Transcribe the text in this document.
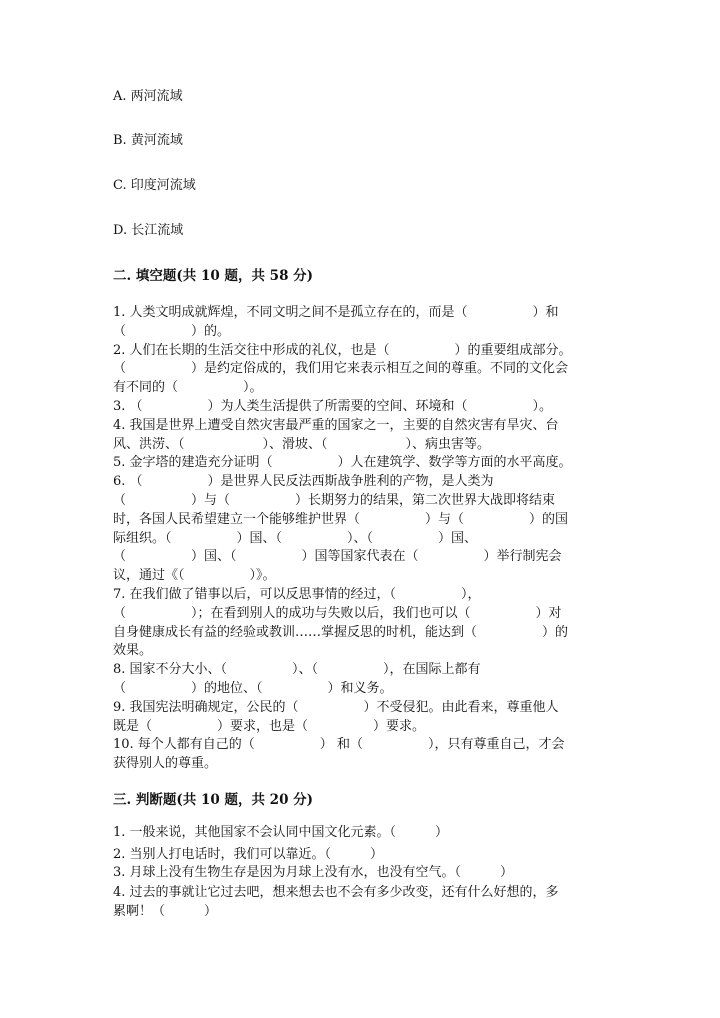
A. 两河流域
B. 黄河流域
C. 印度河流域
D. 长江流域
二. 填空题(共 10 题，共 58 分)
1. 人类文明成就辉煌，不同文明之间不是孤立存在的，而是（　　　　　）和
（　　　　　）的。
2. 人们在长期的生活交往中形成的礼仪，也是（　　　　　）的重要组成部分。
（　　　　　）是约定俗成的，我们用它来表示相互之间的尊重。不同的文化会
有不同的（　　　　　）。
3. （　　　　　）为人类生活提供了所需要的空间、环境和（　　　　　）。
4. 我国是世界上遭受自然灾害最严重的国家之一，主要的自然灾害有旱灾、台
风、洪涝、（　　　　　　）、滑坡、（　　　　　　）、病虫害等。
5. 金字塔的建造充分证明（　　　　　）人在建筑学、数学等方面的水平高度。
6. （　　　　　）是世界人民反法西斯战争胜利的产物，是人类为
（　　　　　）与（　　　　　）长期努力的结果，第二次世界大战即将结束
时，各国人民希望建立一个能够维护世界（　　　　　）与（　　　　　）的国
际组织。（　　　　　）国、（　　　　　）、（　　　　　）国、
（　　　　　）国、（　　　　　）国等国家代表在（　　　　　）举行制宪会
议，通过《（　　　　　）》。
7. 在我们做了错事以后，可以反思事情的经过，（　　　　　），
（　　　　　）；在看到别人的成功与失败以后，我们也可以（　　　　　）对
自身健康成长有益的经验或教训……掌握反思的时机，能达到（　　　　　）的
效果。
8. 国家不分大小、（　　　　　）、（　　　　　），在国际上都有
（　　　　　）的地位、（　　　　　）和义务。
9. 我国宪法明确规定，公民的（　　　　　）不受侵犯。由此看来，尊重他人
既是（　　　　　）要求，也是（　　　　　）要求。
10. 每个人都有自己的（　　　　　） 和（　　　　　），只有尊重自己，才会
获得别人的尊重。
三. 判断题(共 10 题，共 20 分)
1. 一般来说，其他国家不会认同中国文化元素。（　　　）
2. 当别人打电话时，我们可以靠近。（　　　）
3. 月球上没有生物生存是因为月球上没有水，也没有空气。（　　　）
4. 过去的事就让它过去吧，想来想去也不会有多少改变，还有什么好想的，多
累啊！（　　　）
